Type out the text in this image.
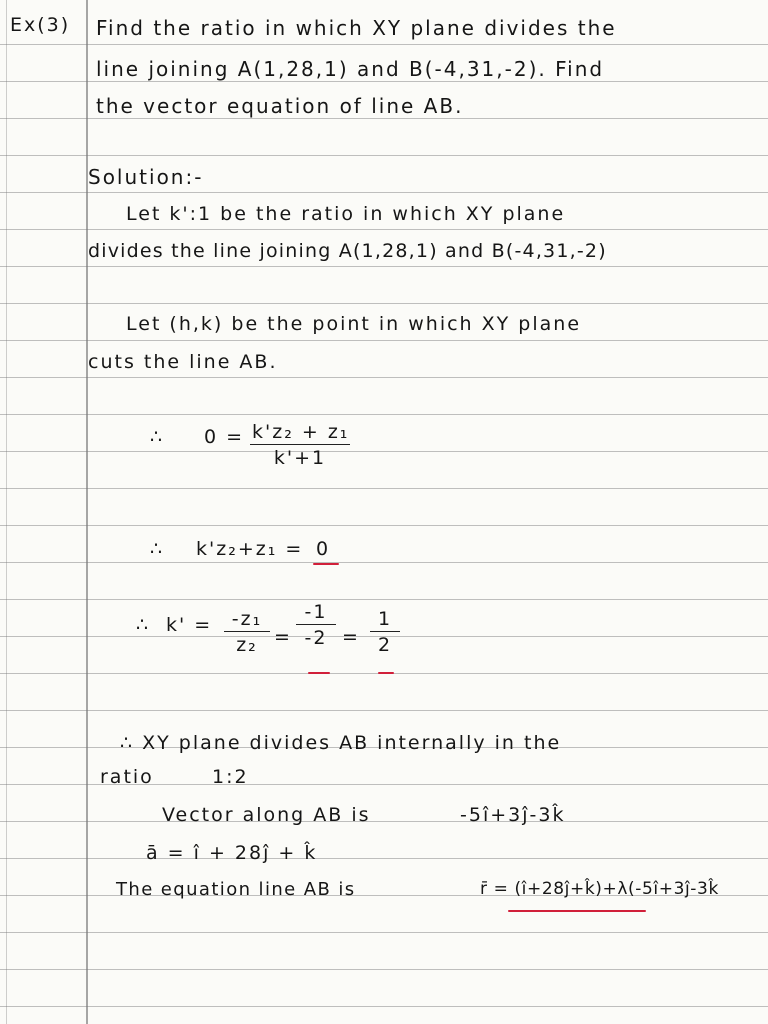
Ex(3) Find the ratio in which XY plane divides the
line joining A(1,28,1) and B(-4,31,-2). Find
the vector equation of line AB.
Solution:-
Let k':1 be the ratio in which XY plane
divides the line joining A(1,28,1) and B(-4,31,-2)
Let (h,k) be the point in which XY plane
cuts the line AB.
∴ $0 = \frac{\text{k'z₂ + z₁}}{k'+1}$
∴ k'z₂+z₁ = 0
∴ $k' = \frac{\text{-z₁}}{\text{z₂}} = \frac{-1}{-2} = \frac{1}{2}$
∴ XY plane divides AB internally in the
ratio	1:2
Vector along AB is	-5î+3ĵ-3k̂
ā = î + 28ĵ + k̂
The equation line AB is	r̄ = (î+28ĵ+k̂)+λ(-5î+3ĵ-3k̂
